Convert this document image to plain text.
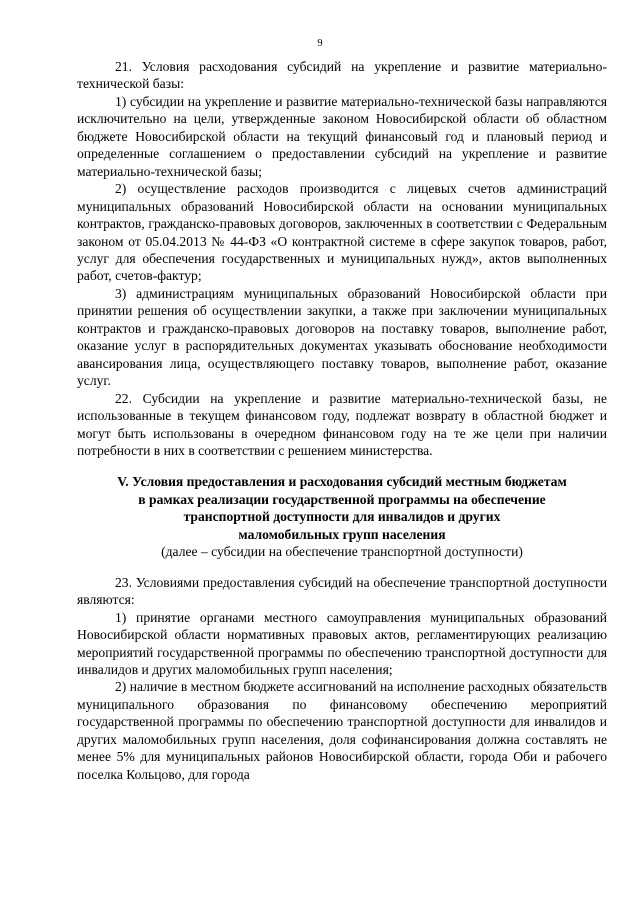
9

21. Условия расходования субсидий на укрепление и развитие материально-технической базы:

1) субсидии на укрепление и развитие материально-технической базы направляются исключительно на цели, утвержденные законом Новосибирской области об областном бюджете Новосибирской области на текущий финансовый год и плановый период и определенные соглашением о предоставлении субсидий на укрепление и развитие материально-технической базы;

2) осуществление расходов производится с лицевых счетов администраций муниципальных образований Новосибирской области на основании муниципальных контрактов, гражданско-правовых договоров, заключенных в соответствии с Федеральным законом от 05.04.2013 № 44-ФЗ «О контрактной системе в сфере закупок товаров, работ, услуг для обеспечения государственных и муниципальных нужд», актов выполненных работ, счетов-фактур;

3) администрациям муниципальных образований Новосибирской области при принятии решения об осуществлении закупки, а также при заключении муниципальных контрактов и гражданско-правовых договоров на поставку товаров, выполнение работ, оказание услуг в распорядительных документах указывать обоснование необходимости авансирования лица, осуществляющего поставку товаров, выполнение работ, оказание услуг.

22. Субсидии на укрепление и развитие материально-технической базы, не использованные в текущем финансовом году, подлежат возврату в областной бюджет и могут быть использованы в очередном финансовом году на те же цели при наличии потребности в них в соответствии с решением министерства.

V. Условия предоставления и расходования субсидий местным бюджетам

в рамках реализации государственной программы на обеспечение

транспортной доступности для инвалидов и других

маломобильных групп населения

(далее – субсидии на обеспечение транспортной доступности)

23. Условиями предоставления субсидий на обеспечение транспортной доступности являются:

1) принятие органами местного самоуправления муниципальных образований Новосибирской области нормативных правовых актов, регламентирующих реализацию мероприятий государственной программы по обеспечению транспортной доступности для инвалидов и других маломобильных групп населения;

2) наличие в местном бюджете ассигнований на исполнение расходных обязательств муниципального образования по финансовому обеспечению мероприятий государственной программы по обеспечению транспортной доступности для инвалидов и других маломобильных групп населения, доля софинансирования должна составлять не менее 5% для муниципальных районов Новосибирской области, города Оби и рабочего поселка Кольцово, для города
